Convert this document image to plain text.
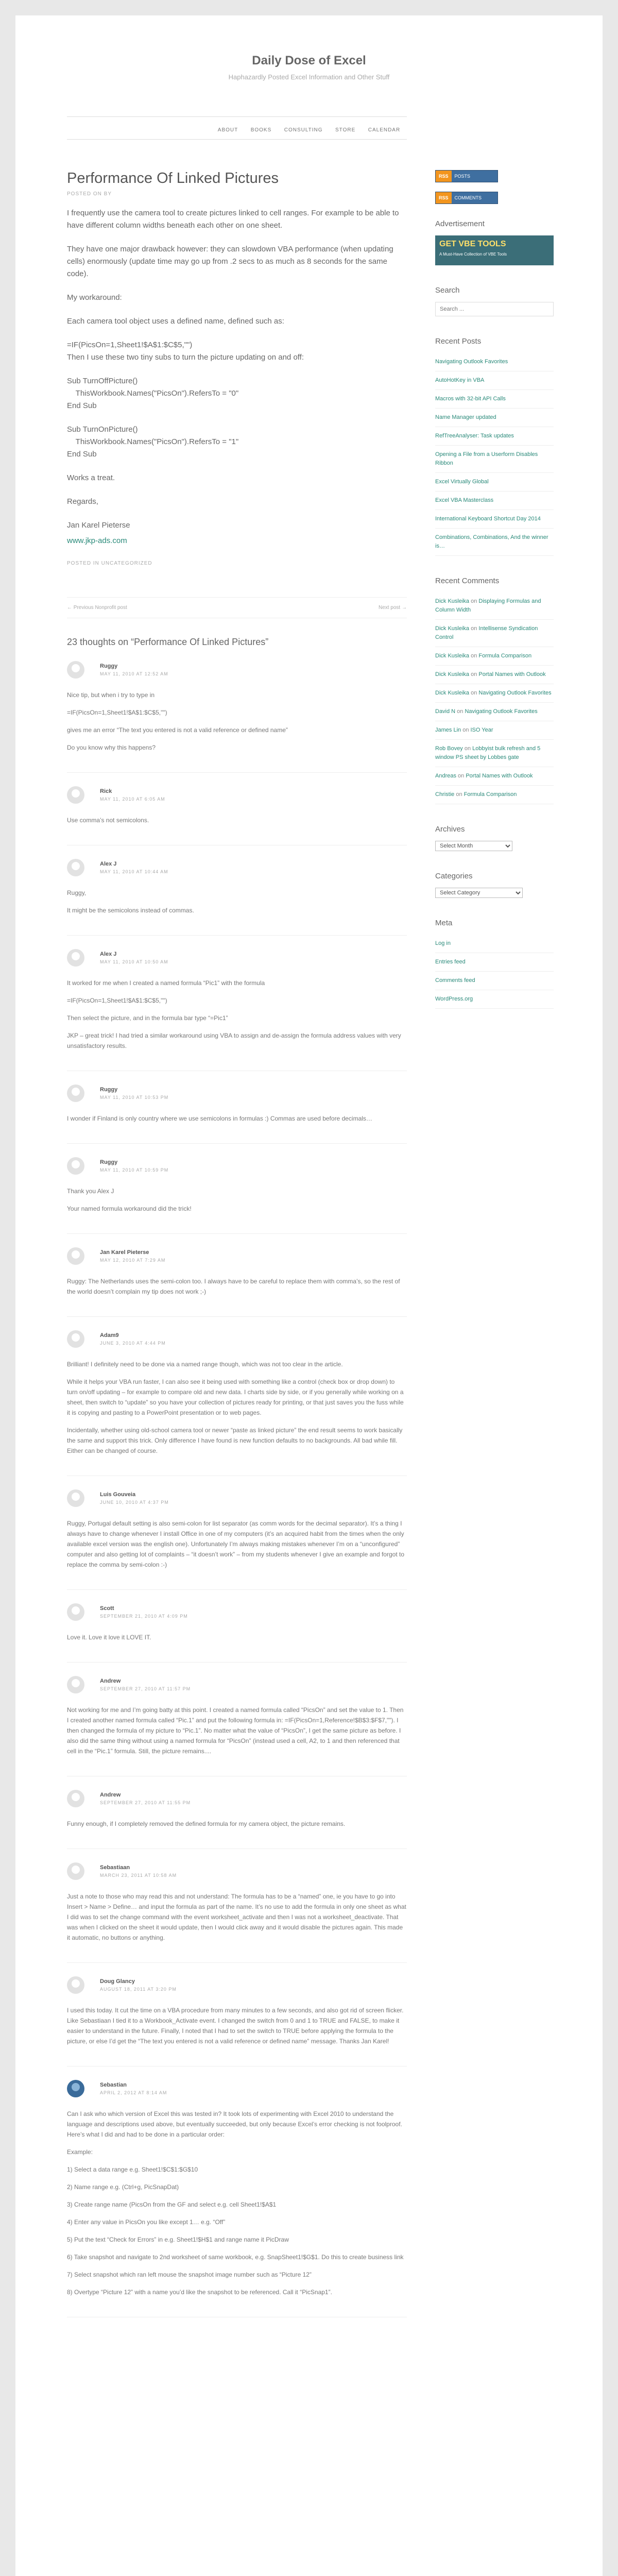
Daily Dose of Excel
Haphazardly Posted Excel Information and Other Stuff
ABOUT BOOKS CONSULTING STORE CALENDAR
Performance Of Linked Pictures
POSTED ON BY

I frequently use the camera tool to create pictures linked to cell ranges. For example to be able to have different column widths beneath each other on one sheet.

They have one major drawback however: they can slowdown VBA performance (when updating cells) enormously (update time may go up from .2 secs to as much as 8 seconds for the same code).

My workaround:

Each camera tool object uses a defined name, defined such as:

=IF(PicsOn=1,Sheet1!$A$1:$C$5,"")
Then I use these two tiny subs to turn the picture updating on and off:
Sub TurnOffPicture()
ThisWorkbook.Names("PicsOn").RefersTo = "0"
End Sub
Sub TurnOnPicture()
ThisWorkbook.Names("PicsOn").RefersTo = "1"
End Sub

Works a treat.

Regards,

Jan Karel Pieterse

www.jkp-ads.com

POSTED IN UNCATEGORIZED
← Previous Nonprofit post	Next post →
23 thoughts on “Performance Of Linked Pictures”
Ruggy
MAY 11, 2010 AT 12:52 AM

Nice tip, but when i try to type in

=IF(PicsOn=1,Sheet1!$A$1:$C$5,"")

gives me an error “The text you entered is not a valid reference or defined name”

Do you know why this happens?

Rick
MAY 11, 2010 AT 6:05 AM

Use comma’s not semicolons.

Alex J
MAY 11, 2010 AT 10:44 AM

Ruggy,

It might be the semicolons instead of commas.

Alex J
MAY 11, 2010 AT 10:50 AM

It worked for me when I created a named formula “Pic1” with the formula

=IF(PicsOn=1,Sheet1!$A$1:$C$5,"")

Then select the picture, and in the formula bar type “=Pic1”

JKP – great trick! I had tried a similar workaround using VBA to assign and de-assign the formula address values with very unsatisfactory results.

Ruggy
MAY 11, 2010 AT 10:53 PM

I wonder if Finland is only country where we use semicolons in formulas :) Commas are used before decimals…

Ruggy
MAY 11, 2010 AT 10:59 PM

Thank you Alex J

Your named formula workaround did the trick!

Jan Karel Pieterse
MAY 12, 2010 AT 7:29 AM

Ruggy: The Netherlands uses the semi-colon too. I always have to be careful to replace them with comma’s, so the rest of the world doesn’t complain my tip does not work ;-)

Adam9
JUNE 3, 2010 AT 4:44 PM

Brilliant! I definitely need to be done via a named range though, which was not too clear in the article.

While it helps your VBA run faster, I can also see it being used with something like a control (check box or drop down) to turn on/off updating – for example to compare old and new data. I charts side by side, or if you generally while working on a sheet, then switch to “update” so you have your collection of pictures ready for printing, or that just saves you the fuss while it is copying and pasting to a PowerPoint presentation or to web pages.

Incidentally, whether using old-school camera tool or newer “paste as linked picture” the end result seems to work basically the same and support this trick. Only difference I have found is new function defaults to no backgrounds. All bad while fill. Either can be changed of course.

Luis Gouveia
JUNE 10, 2010 AT 4:37 PM

Ruggy, Portugal default setting is also semi-colon for list separator (as comm words for the decimal separator). It’s a thing I always have to change whenever I install Office in one of my computers (it’s an acquired habit from the times when the only available excel version was the english one). Unfortunately I’m always making mistakes whenever I’m on a “unconfigured” computer and also getting lot of complaints – “it doesn’t work” – from my students whenever I give an example and forgot to replace the comma by semi-colon :-)

Scott
SEPTEMBER 21, 2010 AT 4:09 PM

Love it. Love it love it LOVE IT.

Andrew
SEPTEMBER 27, 2010 AT 11:57 PM

Not working for me and I’m going batty at this point. I created a named formula called “PicsOn” and set the value to 1. Then I created another named formula called “Pic.1” and put the following formula in: =IF(PicsOn=1,Reference!$B$3:$F$7,""). I then changed the formula of my picture to “Pic.1”. No matter what the value of “PicsOn”, I get the same picture as before. I also did the same thing without using a named formula for “PicsOn” (instead used a cell, A2, to 1 and then referenced that cell in the “Pic.1” formula. Still, the picture remains....

Andrew
SEPTEMBER 27, 2010 AT 11:55 PM

Funny enough, if I completely removed the defined formula for my camera object, the picture remains.

Sebastiaan
MARCH 23, 2011 AT 10:58 AM

Just a note to those who may read this and not understand: The formula has to be a “named” one, ie you have to go into Insert > Name > Define… and input the formula as part of the name. It’s no use to add the formula in only one sheet as what I did was to set the change command with the event worksheet_activate and then I was not a worksheet_deactivate. That was when I clicked on the sheet it would update, then I would click away and it would disable the pictures again. This made it automatic, no buttons or anything.

Doug Glancy
AUGUST 18, 2011 AT 3:20 PM

I used this today. It cut the time on a VBA procedure from many minutes to a few seconds, and also got rid of screen flicker. Like Sebastiaan I tied it to a Workbook_Activate event. I changed the switch from 0 and 1 to TRUE and FALSE, to make it easier to understand in the future. Finally, I noted that I had to set the switch to TRUE before applying the formula to the picture, or else I’d get the “The text you entered is not a valid reference or defined name” message. Thanks Jan Karel!

Sebastian
APRIL 2, 2012 AT 8:14 AM

Can I ask who which version of Excel this was tested in? It took lots of experimenting with Excel 2010 to understand the language and descriptions used above, but eventually succeeded, but only because Excel’s error checking is not foolproof. Here’s what I did and had to be done in a particular order:

Example:

1) Select a data range e.g. Sheet1!$C$1:$G$10

2) Name range e.g. (Ctrl+g, PicSnapDat)

3) Create range name (PicsOn from the GF and select e.g. cell Sheet1!$A$1

4) Enter any value in PicsOn you like except 1… e.g. “Off”

5) Put the text “Check for Errors” in e.g. Sheet1!$H$1 and range name it PicDraw

6) Take snapshot and navigate to 2nd worksheet of same workbook, e.g. SnapSheet1!$G$1. Do this to create business link

7) Select snapshot which ran left mouse the snapshot image number such as “Picture 12”

8) Overtype “Picture 12” with a name you’d like the snapshot to be referenced. Call it “PicSnap1”.

RSS POSTS
RSS COMMENTS
Advertisement
GET VBE TOOLS
A Must-Have Collection of VBE Tools
Search
Search ...
Recent Posts
Navigating Outlook Favorites
AutoHotKey in VBA
Macros with 32-bit API Calls
Name Manager updated
RefTreeAnalyser: Task updates
Opening a File from a Userform Disables Ribbon
Excel Virtually Global
Excel VBA Masterclass
International Keyboard Shortcut Day 2014
Combinations, Combinations, And the winner is…
Recent Comments
Dick Kusleika on Displaying Formulas and Column Width
Dick Kusleika on Intellisense Syndication Control
Dick Kusleika on Formula Comparison
Dick Kusleika on Portal Names with Outlook
Dick Kusleika on Navigating Outlook Favorites
David N on Navigating Outlook Favorites
James Lin on ISO Year
Rob Bovey on Lobbyist bulk refresh and 5 window PS sheet by Lobbes gate
Andreas on Portal Names with Outlook
Christie on Formula Comparison
Archives
Select Month
Categories
Select Category
Meta
Log in
Entries feed
Comments feed
WordPress.org
